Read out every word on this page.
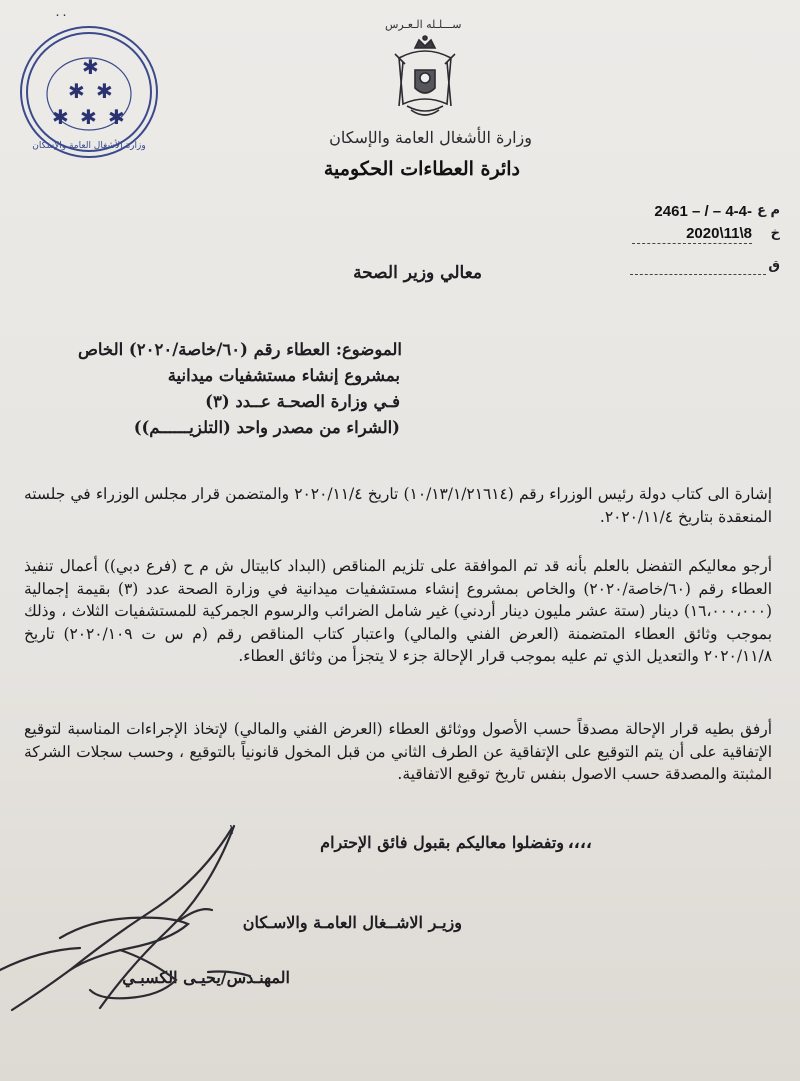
ســـلـله الـعـرس
وزارة الأشغال العامة والإسكان
دائرة العطاءات الحكومية
٠٠
✱
✱ ✱
✱ ✱ ✱
وزارة الأشغال العامة والإسكان
م ع
2461 – / – 4-4-
خ
2020\11\8
ق
معالي وزير الصحة
الموضوع: العطاء رقم (٦٠/خاصة/٢٠٢٠) الخاص
بمشروع إنشاء مستشفيات ميدانية
فـي وزارة الصحـة عــدد (٣)
(الشراء من مصدر واحد (التلزيــــــم))
إشارة الى كتاب دولة رئيس الوزراء رقم (١٠/١٣/١/٢١٦١٤) تاريخ ٢٠٢٠/١١/٤ والمتضمن قرار مجلس الوزراء في جلسته المنعقدة بتاريخ ٢٠٢٠/١١/٤.
أرجو معاليكم التفضل بالعلم بأنه قد تم الموافقة على تلزيم المناقص (البداد كابيتال ش م ح (فرع دبي)) أعمال تنفيذ العطاء رقم (٦٠/خاصة/٢٠٢٠) والخاص بمشروع إنشاء مستشفيات ميدانية في وزارة الصحة عدد (٣) بقيمة إجمالية (١٦،٠٠٠،٠٠٠) دينار (ستة عشر مليون دينار أردني) غير شامل الضرائب والرسوم الجمركية للمستشفيات الثلاث ، وذلك بموجب وثائق العطاء المتضمنة (العرض الفني والمالي) واعتبار كتاب المناقص رقم (م س ت ٢٠٢٠/١٠٩) تاريخ ٢٠٢٠/١١/٨ والتعديل الذي تم عليه بموجب قرار الإحالة جزء لا يتجزأ من وثائق العطاء.
أرفق بطيه قرار الإحالة مصدقاً حسب الأصول ووثائق العطاء (العرض الفني والمالي) لإتخاذ الإجراءات المناسبة لتوقيع الإتفاقية على أن يتم التوقيع على الإتفاقية عن الطرف الثاني من قبل المخول قانونياً بالتوقيع ، وحسب سجلات الشركة المثبتة والمصدقة حسب الاصول بنفس تاريخ توقيع الاتفاقية.
وتفضلوا معاليكم بقبول فائق الإحترام ،،،،
وزيـر الاشــغال العامـة والاسـكان
المهنـدس/يحيـى الكسبـي
١
